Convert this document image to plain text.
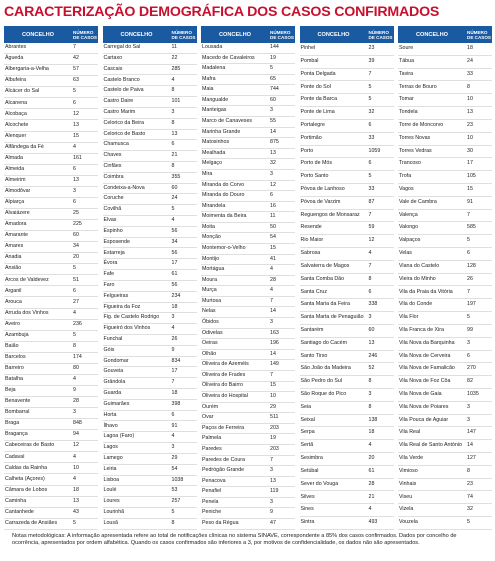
CARACTERIZAÇÃO DEMOGRÁFICA DOS CASOS CONFIRMADOS
CONCELHO	NÚMERO DE CASOS
Abrantes	7
Águeda	42
Albergaria-a-Velha	57
Albufeira	63
Alcácer do Sal	5
Alcanena	6
Alcobaça	12
Alcochete	13
Alenquer	15
Alfândega da Fé	4
Almada	161
Almeida	6
Almeirim	13
Almodôvar	3
Alpiarça	6
Alvaiázere	25
Amadora	225
Amarante	60
Amares	34
Anadia	20
Ansião	5
Arcos de Valdevez	51
Arganil	6
Arouca	27
Arruda dos Vinhos	4
Aveiro	236
Azambuja	5
Baião	8
Barcelos	174
Barreiro	80
Batalha	4
Beja	9
Benavente	28
Bombarral	3
Braga	848
Bragança	94
Cabeceiras de Basto	12
Cadaval	4
Caldas da Rainha	10
Calheta (Açores)	4
Câmara de Lobos	18
Caminha	13
Cantanhede	43
Carrazeda de Ansiães	5
CONCELHO	NÚMERO DE CASOS
Carregal do Sal	11
Cartaxo	22
Cascais	285
Castelo Branco	4
Castelo de Paiva	8
Castro Daire	101
Castro Marim	3
Celorico da Beira	8
Celorico de Basto	13
Chamusca	6
Chaves	21
Cinfães	8
Coimbra	355
Condeixa-a-Nova	60
Coruche	24
Covilhã	5
Elvas	4
Espinho	56
Esposende	34
Estarreja	56
Évora	17
Fafe	61
Faro	56
Felgueiras	234
Figueira da Foz	18
Fig. de Castelo Rodrigo	3
Figueiró dos Vinhos	4
Funchal	26
Góis	9
Gondomar	834
Gouveia	17
Grândola	7
Guarda	18
Guimarães	398
Horta	6
Ílhavo	91
Lagoa (Faro)	4
Lagos	3
Lamego	29
Leiria	54
Lisboa	1038
Loulé	53
Loures	257
Lourinhã	5
Lousã	8
CONCELHO	NÚMERO DE CASOS
Lousada	144
Macedo de Cavaleiros	19
Madalena	5
Mafra	65
Maia	744
Mangualde	60
Manteigas	3
Marco de Canaveses	55
Marinha Grande	14
Matosinhos	875
Mealhada	13
Melgaço	32
Mira	3
Miranda do Corvo	12
Miranda do Douro	6
Mirandela	16
Moimenta da Beira	11
Moita	50
Monção	54
Montemor-o-Velho	15
Montijo	41
Mortágua	4
Moura	28
Murça	4
Murtosa	7
Nelas	14
Óbidos	3
Odivelas	163
Oeiras	196
Olhão	14
Oliveira de Azeméis	149
Oliveira de Frades	7
Oliveira do Bairro	15
Oliveira do Hospital	10
Ourém	29
Ovar	511
Paços de Ferreira	203
Palmela	19
Paredes	203
Paredes de Coura	7
Pedrógão Grande	3
Penacova	13
Penafiel	119
Penela	3
Peniche	9
Peso da Régua	47
CONCELHO	NÚMERO DE CASOS
Pinhel	23
Pombal	39
Ponta Delgada	7
Ponte do Sol	5
Ponte da Barca	5
Ponte de Lima	32
Portalegre	6
Portimão	33
Porto	1059
Porto de Mós	6
Porto Santo	5
Póvoa de Lanhoso	33
Póvoa de Varzim	87
Reguengos de Monsaraz	7
Resende	59
Rio Maior	12
Sabrosa	4
Salvaterra de Magos	7
Santa Comba Dão	8
Santa Cruz	6
Santa Maria da Feira	338
Santa Marta de Penaguião 3
Santarém	60
Santiago do Cacém	13
Santo Tirso	246
São João da Madeira	52
São Pedro do Sul	8
São Roque do Pico	3
Seia	8
Seixal	138
Serpa	18
Sertã	4
Sesimbra	20
Setúbal	61
Sever do Vouga	28
Silves	21
Sines	4
Sintra	493
CONCELHO	NÚMERO DE CASOS
Soure	18
Tábua	24
Tavira	33
Terras de Bouro	8
Tomar	10
Tondela	13
Torre de Moncorvo	23
Torres Novas	10
Torres Vedras	30
Trancoso	17
Trofa	105
Vagos	15
Vale de Cambra	91
Valença	7
Valongo	585
Valpaços	5
Velas	6
Viana do Castelo	128
Vieira do Minho	26
Vila da Praia da Vitória	7
Vila do Conde	197
Vila Flor	5
Vila Franca de Xira	99
Vila Nova da Barquinha	3
Vila Nova de Cerveira	6
Vila Nova de Famalicão	270
Vila Nova de Foz Côa	82
Vila Nova de Gaia	1035
Vila Nova de Poiares	3
Vila Pouca de Aguiar	3
Vila Real	147
Vila Real de Santo António 14
Vila Verde	127
Vimioso	8
Vinhais	23
Viseu	74
Vizela	32
Vouzela	5
Notas metodológicas: A informação apresentada refere ao total de notificações clínicas no sistema SINAVE, correspondente a 85% dos casos confirmados. Dados por concelho de ocorrência, apresentados por ordem alfabética. Quando os casos confirmados são inferiores a 3, por motivos de confidencialidade, os dados não são apresentados.
